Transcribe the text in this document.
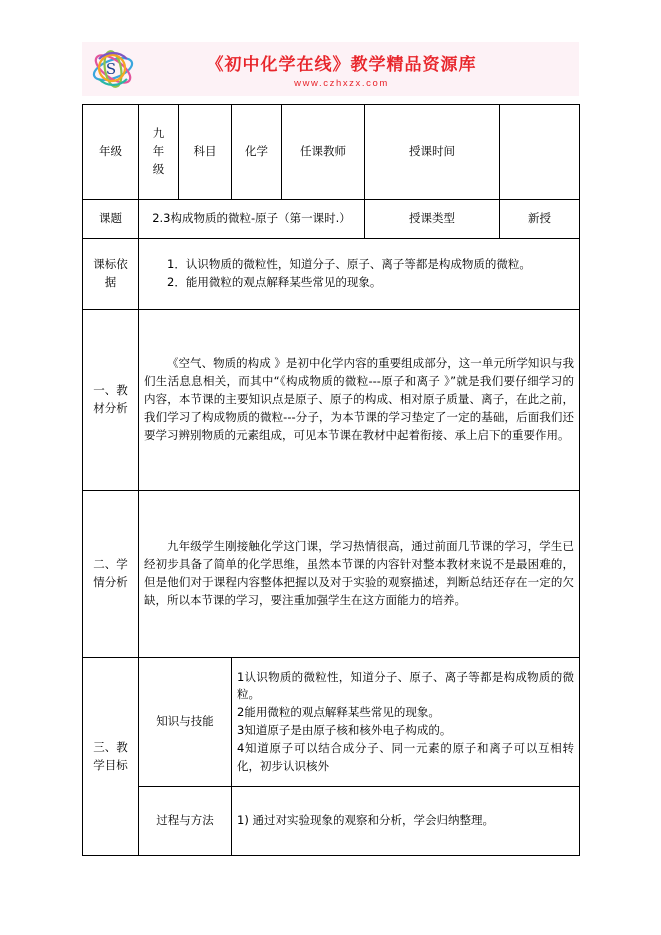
S	《初中化学在线》教学精品资源库
www.czhxzx.com
年级	九年级	科目	化学	任课教师	授课时间	
课题	2.3构成物质的微粒-原子（第一课时.）				授课类型	新授
课标依据	1．认识物质的微粒性，知道分子、原子、离子等都是构成物质的微粒。

2．能用微粒的观点解释某些常见的现象。					

一、教材分析	《空气、物质的构成 》是初中化学内容的重要组成部分，这一单元所学知识与我们生活息息相关，而其中“《构成物质的微粒---原子和离子 》”就是我们要仔细学习的内容，本节课的主要知识点是原子、原子的构成、相对原子质量、离子，在此之前，我们学习了构成物质的微粒---分子，为本节课的学习垫定了一定的基础，后面我们还要学习辨别物质的元素组成，可见本节课在教材中起着衔接、承上启下的重要作用。					

二、学情分析	九年级学生刚接触化学这门课，学习热情很高，通过前面几节课的学习，学生已经初步具备了简单的化学思维，虽然本节课的内容针对整本教材来说不是最困难的，但是他们对于课程内容整体把握以及对于实验的观察描述，判断总结还存在一定的欠缺，所以本节课的学习，要注重加强学生在这方面能力的培养。					

三、教学目标	知识与技能		1认识物质的微粒性，知道分子、原子、离子等都是构成物质的微粒。

2能用微粒的观点解释某些常见的现象。

3知道原子是由原子核和核外电子构成的。

4知道原子可以结合成分子、同一元素的原子和离子可以互相转化，初步认识核外			

	过程与方法		1) 通过对实验现象的观察和分析，学会归纳整理。			
